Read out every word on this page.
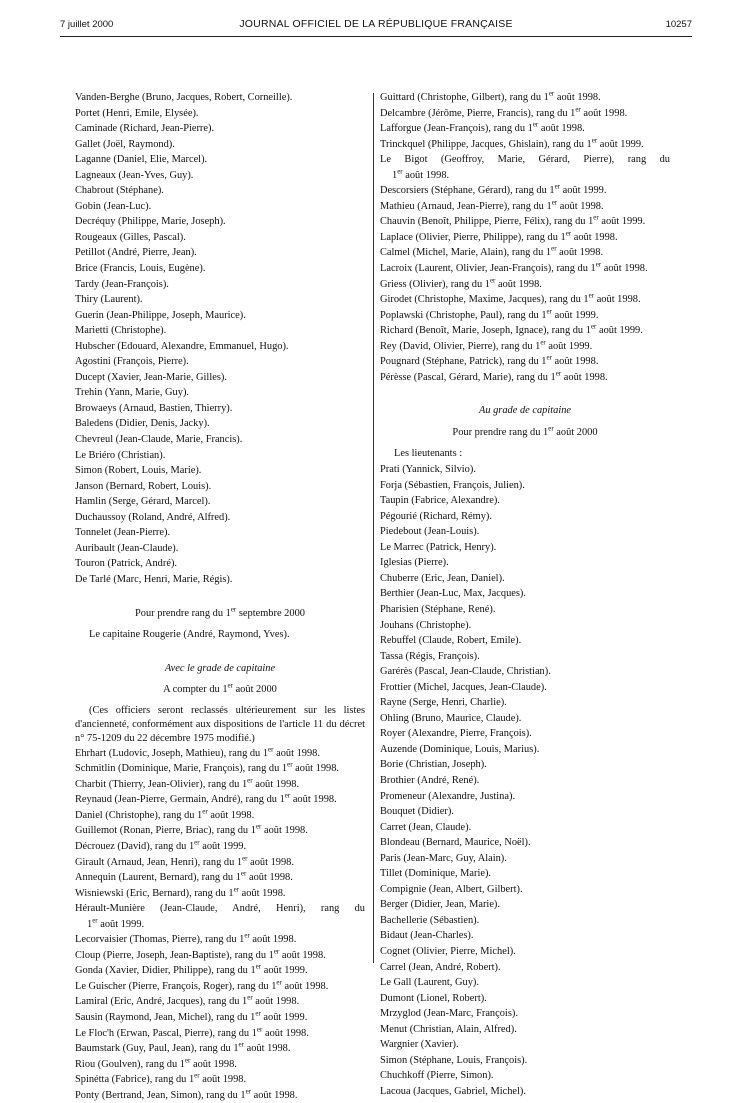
7 juillet 2000	JOURNAL OFFICIEL DE LA RÉPUBLIQUE FRANÇAISE	10257
Vanden-Berghe (Bruno, Jacques, Robert, Corneille).
Portet (Henri, Emile, Elysée).
Caminade (Richard, Jean-Pierre).
Gallet (Joël, Raymond).
Laganne (Daniel, Elie, Marcel).
Lagneaux (Jean-Yves, Guy).
Chabrout (Stéphane).
Gobin (Jean-Luc).
Decréquy (Philippe, Marie, Joseph).
Rougeaux (Gilles, Pascal).
Petillot (André, Pierre, Jean).
Brice (Francis, Louis, Eugène).
Tardy (Jean-François).
Thiry (Laurent).
Guerin (Jean-Philippe, Joseph, Maurice).
Marietti (Christophe).
Hubscher (Edouard, Alexandre, Emmanuel, Hugo).
Agostini (François, Pierre).
Ducept (Xavier, Jean-Marie, Gilles).
Trehin (Yann, Marie, Guy).
Browaeys (Arnaud, Bastien, Thierry).
Baledens (Didier, Denis, Jacky).
Chevreul (Jean-Claude, Marie, Francis).
Le Briéro (Christian).
Simon (Robert, Louis, Marie).
Janson (Bernard, Robert, Louis).
Hamlin (Serge, Gérard, Marcel).
Duchaussoy (Roland, André, Alfred).
Tonnelet (Jean-Pierre).
Auribault (Jean-Claude).
Touron (Patrick, André).
De Tarlé (Marc, Henri, Marie, Régis).
Pour prendre rang du 1er septembre 2000
Le capitaine Rougerie (André, Raymond, Yves).
Avec le grade de capitaine
A compter du 1er août 2000
(Ces officiers seront reclassés ultérieurement sur les listes d'ancienneté, conformément aux dispositions de l'article 11 du décret n° 75-1209 du 22 décembre 1975 modifié.)
Ehrhart (Ludovic, Joseph, Mathieu), rang du 1er août 1998.
Schmitlin (Dominique, Marie, François), rang du 1er août 1998.
Charbit (Thierry, Jean-Olivier), rang du 1er août 1998.
Reynaud (Jean-Pierre, Germain, André), rang du 1er août 1998.
Daniel (Christophe), rang du 1er août 1998.
Guillemot (Ronan, Pierre, Briac), rang du 1er août 1998.
Décrouez (David), rang du 1er août 1999.
Girault (Arnaud, Jean, Henri), rang du 1er août 1998.
Annequin (Laurent, Bernard), rang du 1er août 1998.
Wisniewski (Eric, Bernard), rang du 1er août 1998.
Hérault-Munière (Jean-Claude, André, Henri), rang du
1er août 1999.
Lecorvaisier (Thomas, Pierre), rang du 1er août 1998.
Cloup (Pierre, Joseph, Jean-Baptiste), rang du 1er août 1998.
Gonda (Xavier, Didier, Philippe), rang du 1er août 1999.
Le Guischer (Pierre, François, Roger), rang du 1er août 1998.
Lamiral (Eric, André, Jacques), rang du 1er août 1998.
Sausin (Raymond, Jean, Michel), rang du 1er août 1999.
Le Floc'h (Erwan, Pascal, Pierre), rang du 1er août 1998.
Baumstark (Guy, Paul, Jean), rang du 1er août 1998.
Riou (Goulven), rang du 1er août 1998.
Spinétta (Fabrice), rang du 1er août 1998.
Ponty (Bertrand, Jean, Simon), rang du 1er août 1998.
Guittard (Christophe, Gilbert), rang du 1er août 1998.
Delcambre (Jérôme, Pierre, Francis), rang du 1er août 1998.
Lafforgue (Jean-François), rang du 1er août 1998.
Trinckquel (Philippe, Jacques, Ghislain), rang du 1er août 1999.
Le Bigot (Geoffroy, Marie, Gérard, Pierre), rang du
1er août 1998.
Descorsiers (Stéphane, Gérard), rang du 1er août 1999.
Mathieu (Arnaud, Jean-Pierre), rang du 1er août 1998.
Chauvin (Benoît, Philippe, Pierre, Félix), rang du 1er août 1999.
Laplace (Olivier, Pierre, Philippe), rang du 1er août 1998.
Calmel (Michel, Marie, Alain), rang du 1er août 1998.
Lacroix (Laurent, Olivier, Jean-François), rang du 1er août 1998.
Griess (Olivier), rang du 1er août 1998.
Girodet (Christophe, Maxime, Jacques), rang du 1er août 1998.
Poplawski (Christophe, Paul), rang du 1er août 1999.
Richard (Benoît, Marie, Joseph, Ignace), rang du 1er août 1999.
Rey (David, Olivier, Pierre), rang du 1er août 1999.
Pougnard (Stéphane, Patrick), rang du 1er août 1998.
Pérèsse (Pascal, Gérard, Marie), rang du 1er août 1998.
Au grade de capitaine
Pour prendre rang du 1er août 2000
Les lieutenants :
Prati (Yannick, Silvio).
Forja (Sébastien, François, Julien).
Taupin (Fabrice, Alexandre).
Pégourié (Richard, Rémy).
Piedebout (Jean-Louis).
Le Marrec (Patrick, Henry).
Iglesias (Pierre).
Chuberre (Eric, Jean, Daniel).
Berthier (Jean-Luc, Max, Jacques).
Pharisien (Stéphane, René).
Jouhans (Christophe).
Rebuffel (Claude, Robert, Emile).
Tassa (Régis, François).
Garérès (Pascal, Jean-Claude, Christian).
Frottier (Michel, Jacques, Jean-Claude).
Rayne (Serge, Henri, Charlie).
Ohling (Bruno, Maurice, Claude).
Royer (Alexandre, Pierre, François).
Auzende (Dominique, Louis, Marius).
Borie (Christian, Joseph).
Brothier (André, René).
Promeneur (Alexandre, Justina).
Bouquet (Didier).
Carret (Jean, Claude).
Blondeau (Bernard, Maurice, Noël).
Paris (Jean-Marc, Guy, Alain).
Tillet (Dominique, Marie).
Compignie (Jean, Albert, Gilbert).
Berger (Didier, Jean, Marie).
Bachellerie (Sébastien).
Bidaut (Jean-Charles).
Cognet (Olivier, Pierre, Michel).
Carrel (Jean, André, Robert).
Le Gall (Laurent, Guy).
Dumont (Lionel, Robert).
Mrzyglod (Jean-Marc, François).
Menut (Christian, Alain, Alfred).
Wargnier (Xavier).
Simon (Stéphane, Louis, François).
Chuchkoff (Pierre, Simon).
Lacoua (Jacques, Gabriel, Michel).
